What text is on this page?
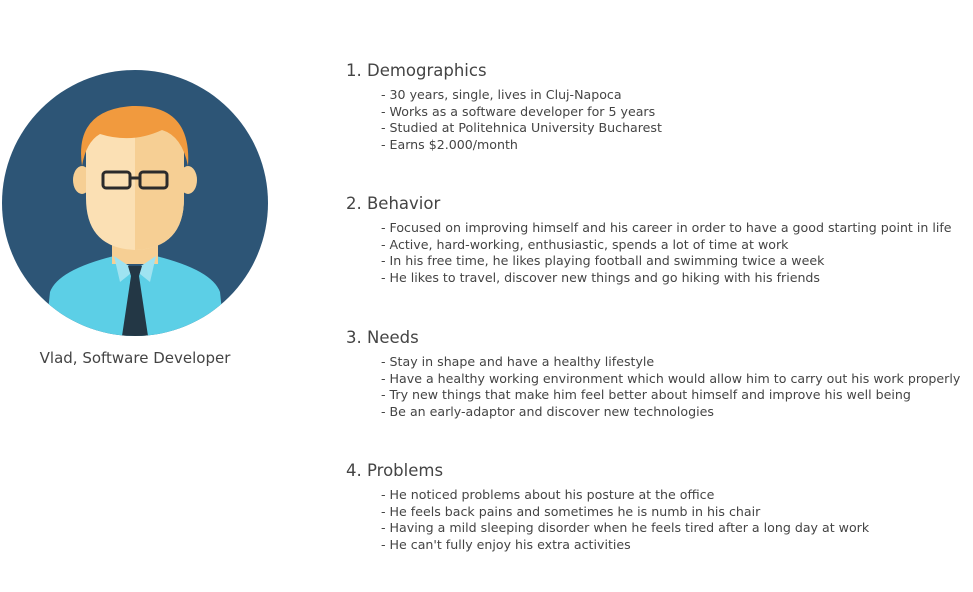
Vlad, Software Developer
1. Demographics
- 30 years, single, lives in Cluj-Napoca
- Works as a software developer for 5 years
- Studied at Politehnica University Bucharest
- Earns $2.000/month
2. Behavior
- Focused on improving himself and his career in order to have a good starting point in life
- Active, hard-working, enthusiastic, spends a lot of time at work
- In his free time, he likes playing football and swimming twice a week
- He likes to travel, discover new things and go hiking with his friends
3. Needs
- Stay in shape and have a healthy lifestyle
- Have a healthy working environment which would allow him to carry out his work properly
- Try new things that make him feel better about himself and improve his well being
- Be an early-adaptor and discover new technologies
4. Problems
- He noticed problems about his posture at the office
- He feels back pains and sometimes he is numb in his chair
- Having a mild sleeping disorder when he feels tired after a long day at work
- He can't fully enjoy his extra activities
